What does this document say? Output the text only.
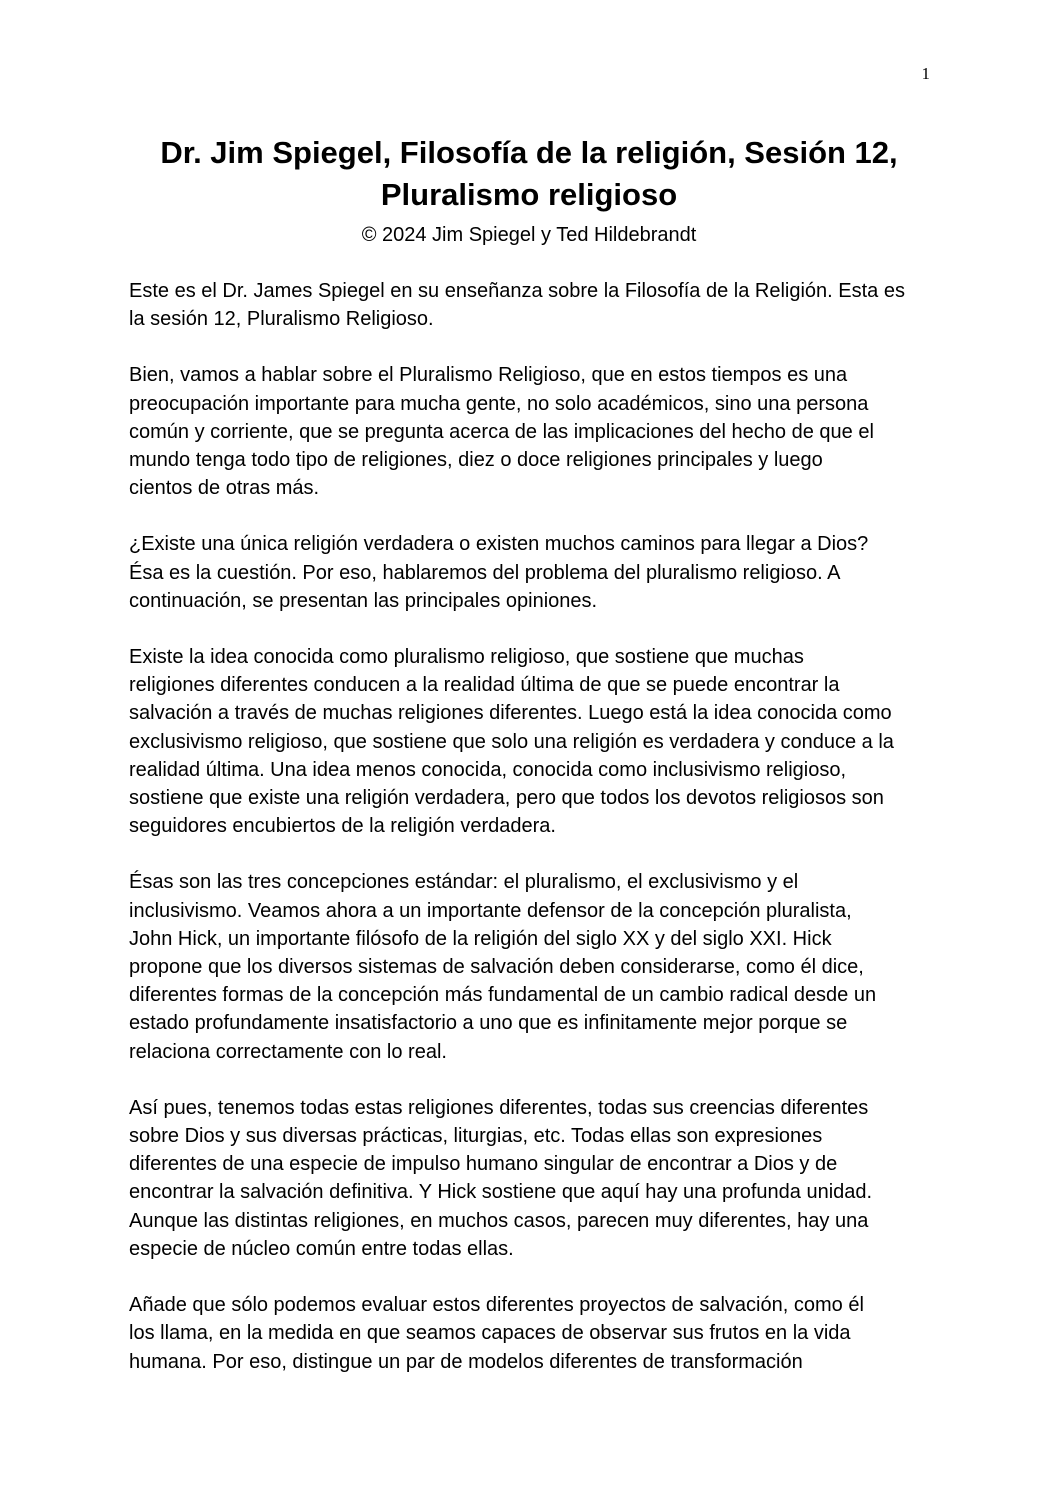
1
Dr. Jim Spiegel, Filosofía de la religión, Sesión 12, Pluralismo religioso
© 2024 Jim Spiegel y Ted Hildebrandt

Este es el Dr. James Spiegel en su enseñanza sobre la Filosofía de la Religión. Esta es
la sesión 12, Pluralismo Religioso.

Bien, vamos a hablar sobre el Pluralismo Religioso, que en estos tiempos es una
preocupación importante para mucha gente, no solo académicos, sino una persona
común y corriente, que se pregunta acerca de las implicaciones del hecho de que el
mundo tenga todo tipo de religiones, diez o doce religiones principales y luego
cientos de otras más.

¿Existe una única religión verdadera o existen muchos caminos para llegar a Dios?
Ésa es la cuestión. Por eso, hablaremos del problema del pluralismo religioso. A
continuación, se presentan las principales opiniones.

Existe la idea conocida como pluralismo religioso, que sostiene que muchas
religiones diferentes conducen a la realidad última de que se puede encontrar la
salvación a través de muchas religiones diferentes. Luego está la idea conocida como
exclusivismo religioso, que sostiene que solo una religión es verdadera y conduce a la
realidad última. Una idea menos conocida, conocida como inclusivismo religioso,
sostiene que existe una religión verdadera, pero que todos los devotos religiosos son
seguidores encubiertos de la religión verdadera.

Ésas son las tres concepciones estándar: el pluralismo, el exclusivismo y el
inclusivismo. Veamos ahora a un importante defensor de la concepción pluralista,
John Hick, un importante filósofo de la religión del siglo XX y del siglo XXI. Hick
propone que los diversos sistemas de salvación deben considerarse, como él dice,
diferentes formas de la concepción más fundamental de un cambio radical desde un
estado profundamente insatisfactorio a uno que es infinitamente mejor porque se
relaciona correctamente con lo real.

Así pues, tenemos todas estas religiones diferentes, todas sus creencias diferentes
sobre Dios y sus diversas prácticas, liturgias, etc. Todas ellas son expresiones
diferentes de una especie de impulso humano singular de encontrar a Dios y de
encontrar la salvación definitiva. Y Hick sostiene que aquí hay una profunda unidad.
Aunque las distintas religiones, en muchos casos, parecen muy diferentes, hay una
especie de núcleo común entre todas ellas.

Añade que sólo podemos evaluar estos diferentes proyectos de salvación, como él
los llama, en la medida en que seamos capaces de observar sus frutos en la vida
humana. Por eso, distingue un par de modelos diferentes de transformación
